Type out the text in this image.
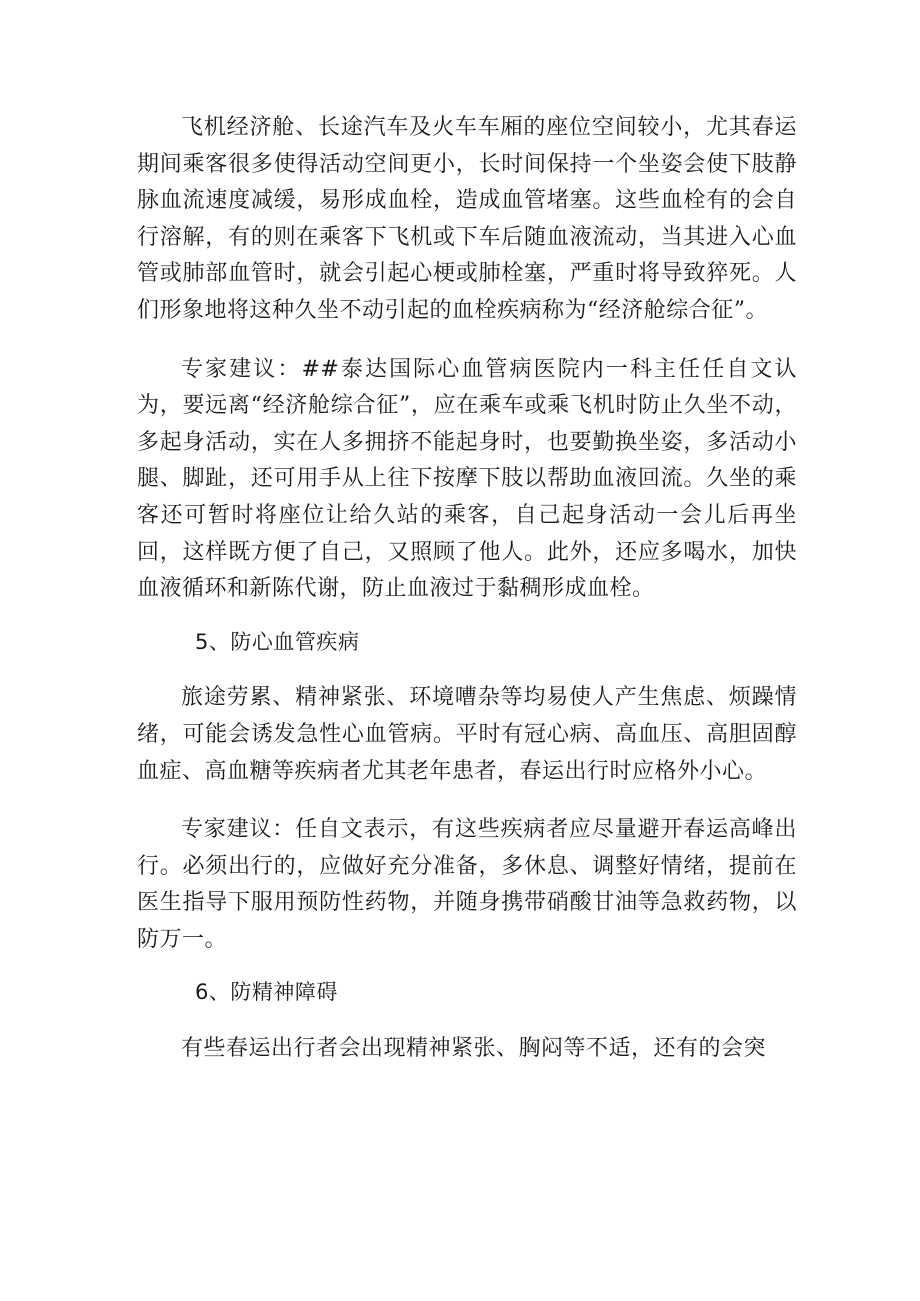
飞机经济舱、长途汽车及火车车厢的座位空间较小，尤其春运期间乘客很多使得活动空间更小，长时间保持一个坐姿会使下肢静脉血流速度减缓，易形成血栓，造成血管堵塞。这些血栓有的会自行溶解，有的则在乘客下飞机或下车后随血液流动，当其进入心血管或肺部血管时，就会引起心梗或肺栓塞，严重时将导致猝死。人们形象地将这种久坐不动引起的血栓疾病称为“经济舱综合征”。

专家建议：##泰达国际心血管病医院内一科主任任自文认为，要远离“经济舱综合征”，应在乘车或乘飞机时防止久坐不动，多起身活动，实在人多拥挤不能起身时，也要勤换坐姿，多活动小腿、脚趾，还可用手从上往下按摩下肢以帮助血液回流。久坐的乘客还可暂时将座位让给久站的乘客，自己起身活动一会儿后再坐回，这样既方便了自己，又照顾了他人。此外，还应多喝水，加快血液循环和新陈代谢，防止血液过于黏稠形成血栓。

5、防心血管疾病

旅途劳累、精神紧张、环境嘈杂等均易使人产生焦虑、烦躁情绪，可能会诱发急性心血管病。平时有冠心病、高血压、高胆固醇血症、高血糖等疾病者尤其老年患者，春运出行时应格外小心。

专家建议：任自文表示，有这些疾病者应尽量避开春运高峰出行。必须出行的，应做好充分准备，多休息、调整好情绪，提前在医生指导下服用预防性药物，并随身携带硝酸甘油等急救药物，以防万一。

6、防精神障碍

有些春运出行者会出现精神紧张、胸闷等不适，还有的会突
